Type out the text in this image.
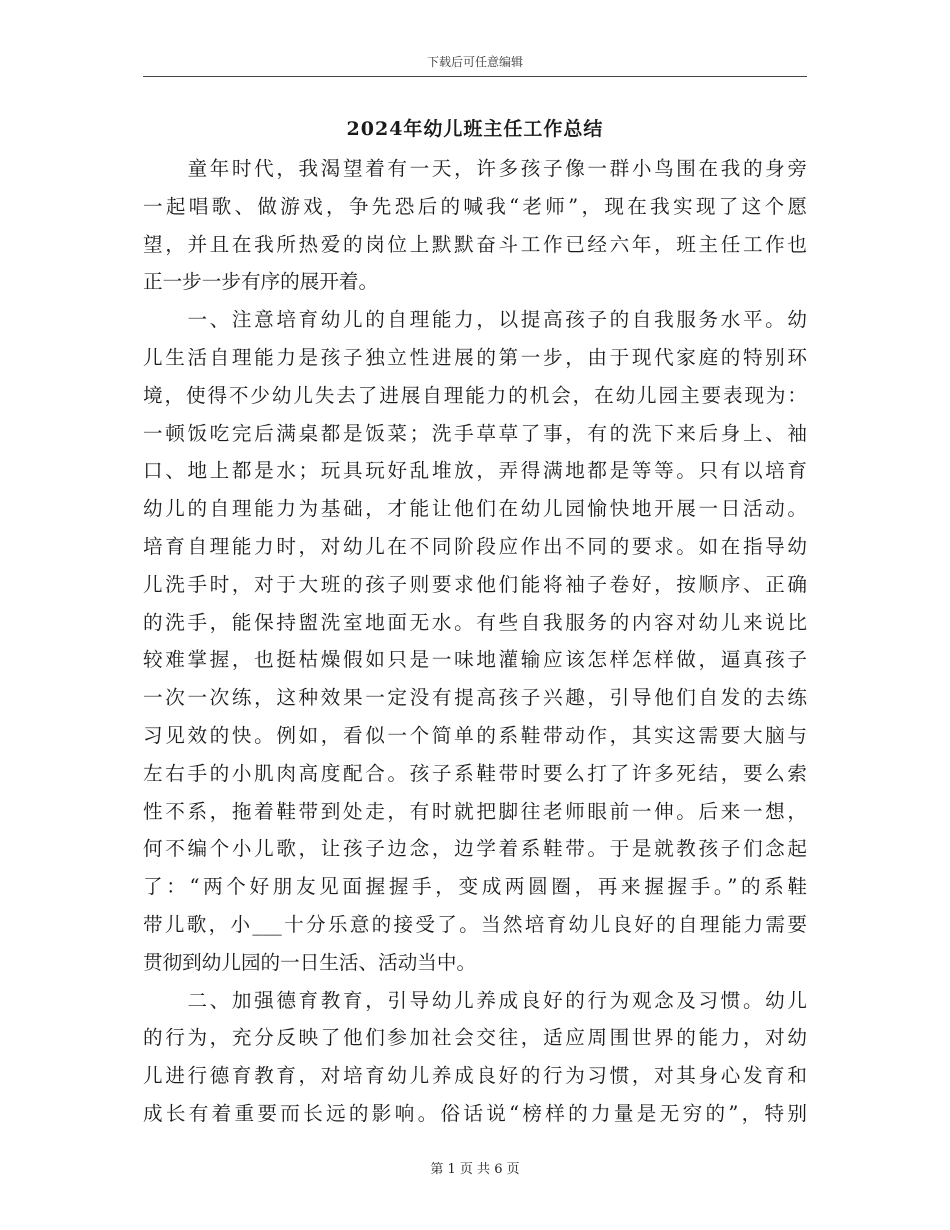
下载后可任意编辑
2024年幼儿班主任工作总结
　　童年时代，我渴望着有一天，许多孩子像一群小鸟围在我的身旁
一起唱歌、做游戏，争先恐后的喊我“老师”，现在我实现了这个愿
望，并且在我所热爱的岗位上默默奋斗工作已经六年，班主任工作也
正一步一步有序的展开着。
　　一、注意培育幼儿的自理能力，以提高孩子的自我服务水平。幼
儿生活自理能力是孩子独立性进展的第一步，由于现代家庭的特别环
境，使得不少幼儿失去了进展自理能力的机会，在幼儿园主要表现为：
一顿饭吃完后满桌都是饭菜；洗手草草了事，有的洗下来后身上、袖
口、地上都是水；玩具玩好乱堆放，弄得满地都是等等。只有以培育
幼儿的自理能力为基础，才能让他们在幼儿园愉快地开展一日活动。
培育自理能力时，对幼儿在不同阶段应作出不同的要求。如在指导幼
儿洗手时，对于大班的孩子则要求他们能将袖子卷好，按顺序、正确
的洗手，能保持盥洗室地面无水。有些自我服务的内容对幼儿来说比
较难掌握，也挺枯燥假如只是一味地灌输应该怎样怎样做，逼真孩子
一次一次练，这种效果一定没有提高孩子兴趣，引导他们自发的去练
习见效的快。例如，看似一个简单的系鞋带动作，其实这需要大脑与
左右手的小肌肉高度配合。孩子系鞋带时要么打了许多死结，要么索
性不系，拖着鞋带到处走，有时就把脚往老师眼前一伸。后来一想，
何不编个小儿歌，让孩子边念，边学着系鞋带。于是就教孩子们念起
了：“两个好朋友见面握握手，变成两圆圈，再来握握手。”的系鞋
带儿歌，小___十分乐意的接受了。当然培育幼儿良好的自理能力需要
贯彻到幼儿园的一日生活、活动当中。
　　二、加强德育教育，引导幼儿养成良好的行为观念及习惯。幼儿
的行为，充分反映了他们参加社会交往，适应周围世界的能力，对幼
儿进行德育教育，对培育幼儿养成良好的行为习惯，对其身心发育和
成长有着重要而长远的影响。俗话说“榜样的力量是无穷的”，特别
第 1 页 共 6 页
